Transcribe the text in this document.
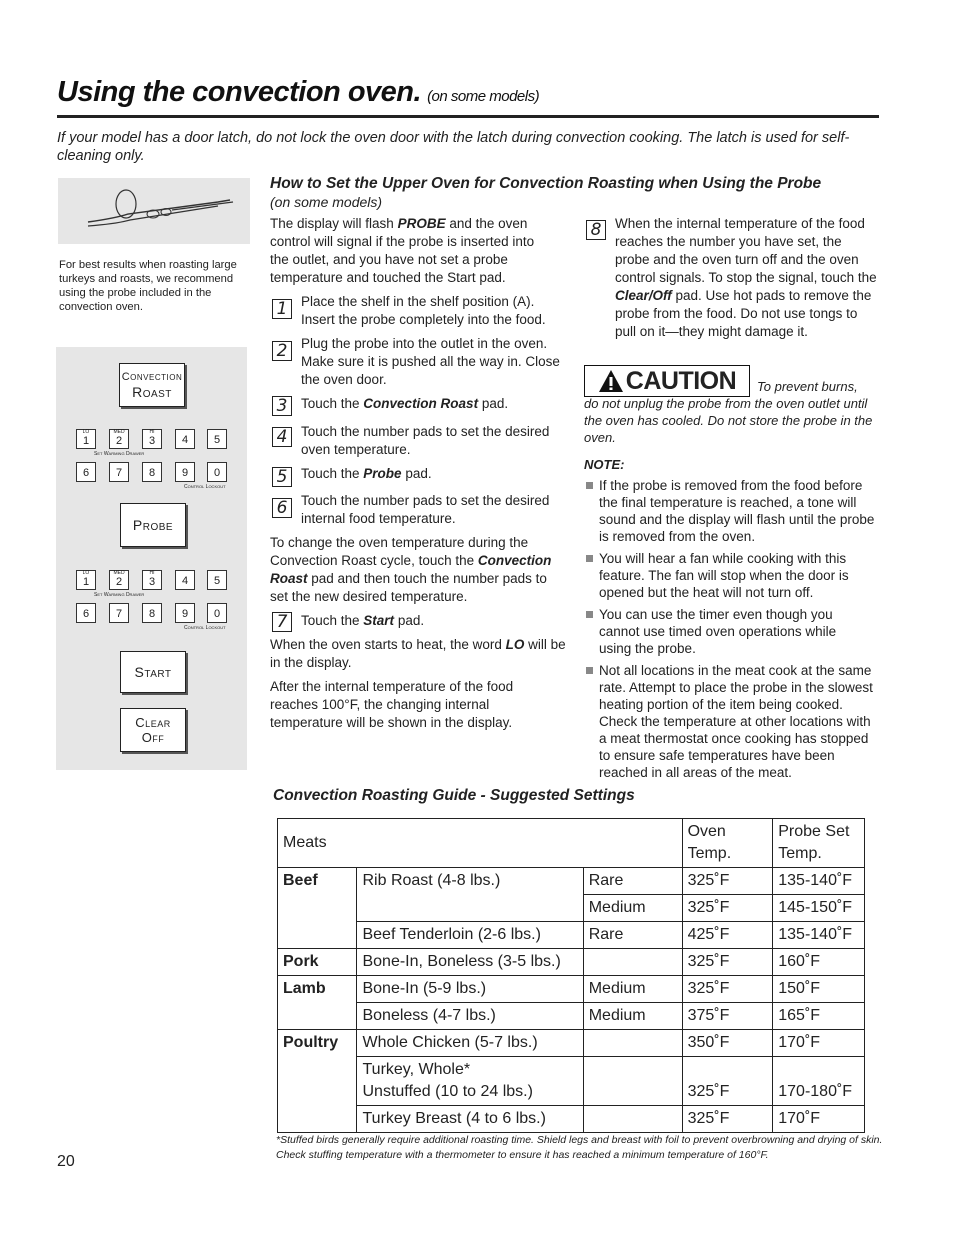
Using the convection oven. (on some models)
If your model has a door latch, do not lock the oven door with the latch during convection cooking. The latch is used for self-cleaning only.
For best results when roasting large turkeys and roasts, we recommend using the probe included in the convection oven.
Convection
Roast
LO
1
MED
2
HI
3	4	5
Set Warming Drawer
6	7	8	9	0
Control Lockout
Probe
LO
1
MED
2
HI
3	4	5
Set Warming Drawer
6	7	8	9	0
Control Lockout
Start
Clear
Off
How to Set the Upper Oven for Convection Roasting when Using the Probe
(on some models)
The display will flash PROBE and the oven control will signal if the probe is inserted into the outlet, and you have not set a probe temperature and touched the Start pad.
1	Place the shelf in the shelf position (A). Insert the probe completely into the food.
2	Plug the probe into the outlet in the oven. Make sure it is pushed all the way in. Close the oven door.
3	Touch the Convection Roast pad.
4	Touch the number pads to set the desired oven temperature.
5	Touch the Probe pad.
6	Touch the number pads to set the desired internal food temperature.
To change the oven temperature during the Convection Roast cycle, touch the Convection Roast pad and then touch the number pads to set the new desired temperature.
7	Touch the Start pad.
When the oven starts to heat, the word LO will be in the display.
After the internal temperature of the food reaches 100°F, the changing internal temperature will be shown in the display.
8	When the internal temperature of the food reaches the number you have set, the probe and the oven turn off and the oven control signals. To stop the signal, touch the Clear/Off pad. Use hot pads to remove the probe from the food. Do not use tongs to pull on it—they might damage it.
CAUTION To prevent burns,
do not unplug the probe from the oven outlet until the oven has cooled. Do not store the probe in the oven.
NOTE:
If the probe is removed from the food before the final temperature is reached, a tone will sound and the display will flash until the probe is removed from the oven.
You will hear a fan while cooking with this feature. The fan will stop when the door is opened but the heat will not turn off.
You can use the timer even though you cannot use timed oven operations while using the probe.
Not all locations in the meat cook at the same rate. Attempt to place the probe in the slowest heating portion of the item being cooked. Check the temperature at other locations with a meat thermostat once cooking has stopped to ensure safe temperatures have been reached in all areas of the meat.
Convection Roasting Guide - Suggested Settings
Meats			Oven Temp.	Probe Set Temp.
Beef	Rib Roast (4-8 lbs.)	Rare	325˚F	135-140˚F
		Medium	325˚F	145-150˚F
	Beef Tenderloin (2-6 lbs.)	Rare	425˚F	135-140˚F
Pork	Bone-In, Boneless (3-5 lbs.)		325˚F	160˚F
Lamb	Bone-In (5-9 lbs.)	Medium	325˚F	150˚F
	Boneless (4-7 lbs.)	Medium	375˚F	165˚F
Poultry	Whole Chicken (5-7 lbs.)		350˚F	170˚F
	Turkey, Whole*
Unstuffed (10 to 24 lbs.)		325˚F	170-180˚F
	Turkey Breast (4 to 6 lbs.)		325˚F	170˚F
*Stuffed birds generally require additional roasting time. Shield legs and breast with foil to prevent overbrowning and drying of skin. Check stuffing temperature with a thermometer to ensure it has reached a minimum temperature of 160°F.
20
